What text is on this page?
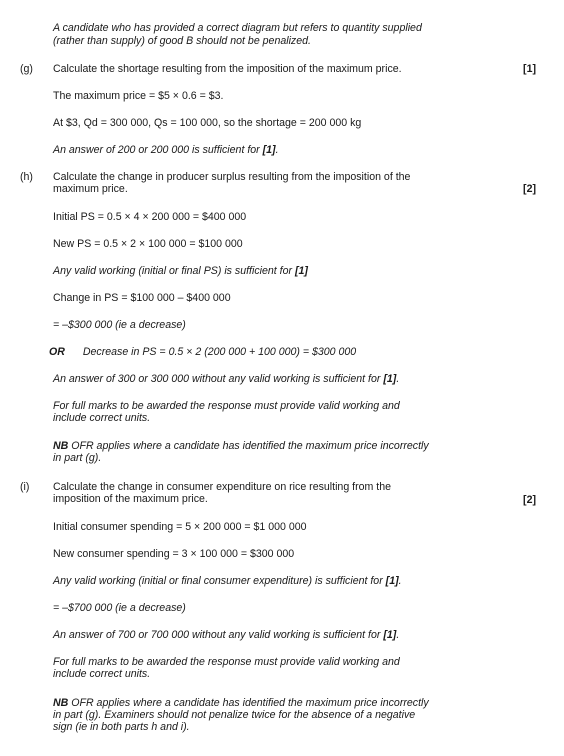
A candidate who has provided a correct diagram but refers to quantity supplied
(rather than supply) of good B should not be penalized.
(g) Calculate the shortage resulting from the imposition of the maximum price.	[1]
The maximum price = $5 × 0.6 = $3.
At $3, Qd = 300 000, Qs = 100 000, so the shortage = 200 000 kg
An answer of 200 or 200 000 is sufficient for [1].
(h) Calculate the change in producer surplus resulting from the imposition of the
maximum price.	[2]
Initial PS = 0.5 × 4 × 200 000 = $400 000
New PS = 0.5 × 2 × 100 000 = $100 000
Any valid working (initial or final PS) is sufficient for [1]
Change in PS = $100 000 – $400 000
= –$300 000 (ie a decrease)
OR Decrease in PS = 0.5 × 2 (200 000 + 100 000) = $300 000
An answer of 300 or 300 000 without any valid working is sufficient for [1].
For full marks to be awarded the response must provide valid working and
include correct units.
NB OFR applies where a candidate has identified the maximum price incorrectly
in part (g).
(i) Calculate the change in consumer expenditure on rice resulting from the
imposition of the maximum price.	[2]
Initial consumer spending = 5 × 200 000 = $1 000 000
New consumer spending = 3 × 100 000 = $300 000
Any valid working (initial or final consumer expenditure) is sufficient for [1].
= –$700 000 (ie a decrease)
An answer of 700 or 700 000 without any valid working is sufficient for [1].
For full marks to be awarded the response must provide valid working and
include correct units.
NB OFR applies where a candidate has identified the maximum price incorrectly
in part (g). Examiners should not penalize twice for the absence of a negative
sign (ie in both parts h and i).
